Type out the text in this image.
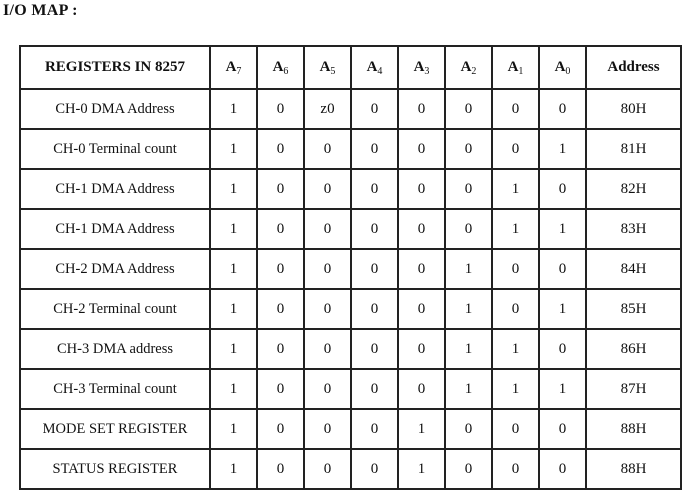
I/O MAP :
REGISTERS IN 8257	$A_7$	$A_6$	$A_5$	$A_4$	$A_3$	$A_2$	$A_1$	$A_0$	Address
CH-0 DMA Address	1	0	z0	0	0	0	0	0	80H
CH-0 Terminal count	1	0	0	0	0	0	0	1	81H
CH-1 DMA Address	1	0	0	0	0	0	1	0	82H
CH-1 DMA Address	1	0	0	0	0	0	1	1	83H
CH-2 DMA Address	1	0	0	0	0	1	0	0	84H
CH-2 Terminal count	1	0	0	0	0	1	0	1	85H
CH-3 DMA address	1	0	0	0	0	1	1	0	86H
CH-3 Terminal count	1	0	0	0	0	1	1	1	87H
MODE SET REGISTER	1	0	0	0	1	0	0	0	88H
STATUS REGISTER	1	0	0	0	1	0	0	0	88H
